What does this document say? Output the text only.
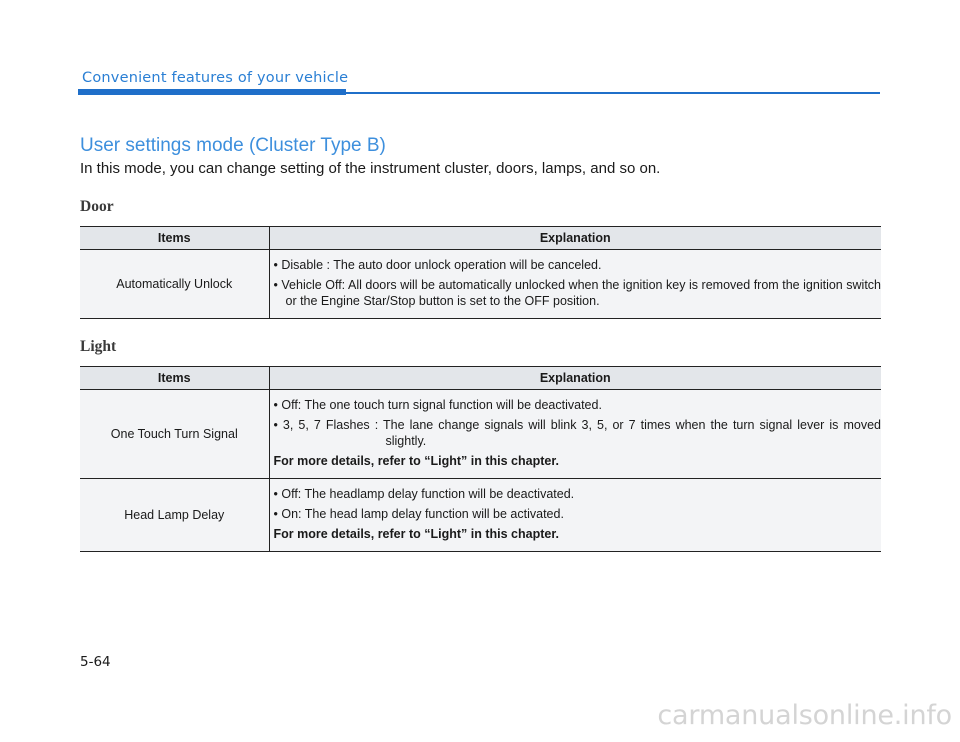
Convenient features of your vehicle
User settings mode (Cluster Type B)
In this mode, you can change setting of the instrument cluster, doors, lamps, and so on.
Door
Items	Explanation
Automatically Unlock	• Disable : The auto door unlock operation will be canceled.

• Vehicle Off: All doors will be automatically unlocked when the ignition key is removed from the ignition switch or the Engine Star/Stop button is set to the OFF position.

Light
Items	Explanation
One Touch Turn Signal	• Off: The one touch turn signal function will be deactivated.

• 3, 5, 7 Flashes : The lane change signals will blink 3, 5, or 7 times when the turn signal lever is moved slightly.

For more details, refer to “Light” in this chapter.

Head Lamp Delay	• Off: The headlamp delay function will be deactivated.

• On: The head lamp delay function will be activated.

For more details, refer to “Light” in this chapter.

5-64
carmanualsonline.info
